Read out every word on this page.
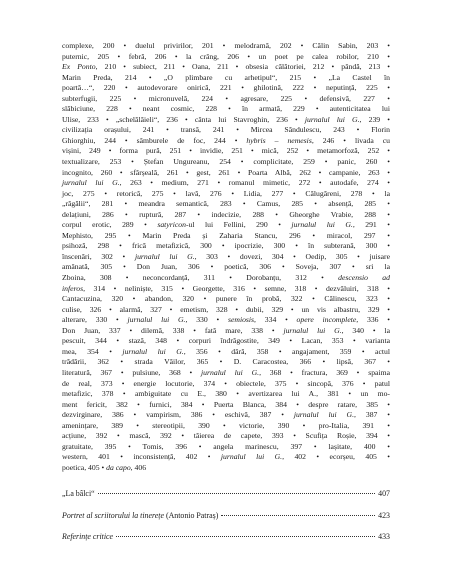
complexe, 200 • duelul privirilor, 201 • melodramă, 202 • Călin Sabin, 203 •
puternic, 205 • febră, 206 • la crâng, 206 • un poet pe calea robilor, 210 •
Ex Ponto, 210 • subiect, 211 • Oana, 211 • obsesia călătoriei, 212 • pândă, 213 •
Marin Preda, 214 • „O plimbare cu arhetipul“, 215 • „La Castel în
poartă…“, 220 • autodevorare onirică, 221 • ghilotină, 222 • neputință, 225 •
subterfugii, 225 • micronuvelă, 224 • agresare, 225 • defensivă, 227 •
slăbiciune, 228 • neant cosmic, 228 • în armată, 229 • autenticitatea lui
Ulise, 233 • „schelălăieli“, 236 • cânta lui Stavroghin, 236 • jurnalul lui G., 239 •
civilizația orașului, 241 • transă, 241 • Mircea Săndulescu, 243 • Florin
Ghiorghiu, 244 • sâmburele de foc, 244 • hybris – nemesis, 246 • livada cu
vișini, 249 • forma pură, 251 • invidie, 251 • mică, 252 • metamorfoză, 252 •
textualizare, 253 • Ștefan Ungureanu, 254 • complicitate, 259 • panic, 260 •
incognito, 260 • sfârșeală, 261 • gest, 261 • Poarta Albă, 262 • campanie, 263 •
jurnalul lui G., 263 • medium, 271 • romanul mimetic, 272 • autodafe, 274 •
joc, 275 • retorică, 275 • lavă, 276 • Lidia, 277 • Călugăreni, 278 • la
„răgălii“, 281 • meandra semantică, 283 • Camus, 285 • absență, 285 •
delațiuni, 286 • ruptură, 287 • indecizie, 288 • Gheorghe Vrabie, 288 •
corpul erotic, 289 • satyricon-ul lui Fellini, 290 • jurnalul lui G., 291 •
Mephisto, 295 • Marin Preda și Zaharia Stancu, 296 • miracol, 297 •
psihoză, 298 • frică metafizică, 300 • ipocrizie, 300 • în subteranã, 300 •
înscenări, 302 • jurnalul lui G., 303 • dovezi, 304 • Oedip, 305 • juisare
amânată, 305 • Don Juan, 306 • poetică, 306 • Soveja, 307 • sri la
Zboina, 308 • neconcordanță, 311 • Dorobanțu, 312 • descensio ad
inferos, 314 • neliniște, 315 • Georgette, 316 • semne, 318 • dezvăluiri, 318 •
Cantacuzina, 320 • abandon, 320 • punere în probă, 322 • Călinescu, 323 •
culise, 326 • alarmă, 327 • emetism, 328 • dubii, 329 • un vis albastru, 329 •
alterare, 330 • jurnalul lui G., 330 • semiosis, 334 • opere incomplete, 336 •
Don Juan, 337 • dilemă, 338 • fată mare, 338 • jurnalul lui G., 340 • la
pescuit, 344 • stază, 348 • corpuri îndrăgostite, 349 • Lacan, 353 • varianta
mea, 354 • jurnalul lui G., 356 • dâră, 358 • angajament, 359 • actul
trădării, 362 • strada Văilor, 365 • D. Caracostea, 366 • lipsă, 367 •
literatură, 367 • pulsiune, 368 • jurnalul lui G., 368 • fractura, 369 • spaima
de real, 373 • energie locutorie, 374 • obiectele, 375 • sincopă, 376 • patul
metafizic, 378 • ambiguitate cu E., 380 • avertizarea lui A., 381 • un mo-
ment fericit, 382 • furnici, 384 • Puerta Blanca, 384 • despre ratare, 385 •
dezvirginare, 386 • vampirism, 386 • eschivă, 387 • jurnalul lui G., 387 •
amenințare, 389 • stereotipii, 390 • victorie, 390 • pro-Italia, 391 •
acțiune, 392 • mască, 392 • tăierea de capete, 393 • Scufița Roșie, 394 •
gratuitate, 395 • Tomis, 396 • angela marinescu, 397 • lașitate, 400 •
western, 401 • inconsistență, 402 • jurnalul lui G., 402 • ecorșeu, 405 •
poetica, 405 • da capo, 406

„La bâlci“	407
Portret al scriitorului la tinerețe (Antonio Patraș)	423
Referințe critice	433
